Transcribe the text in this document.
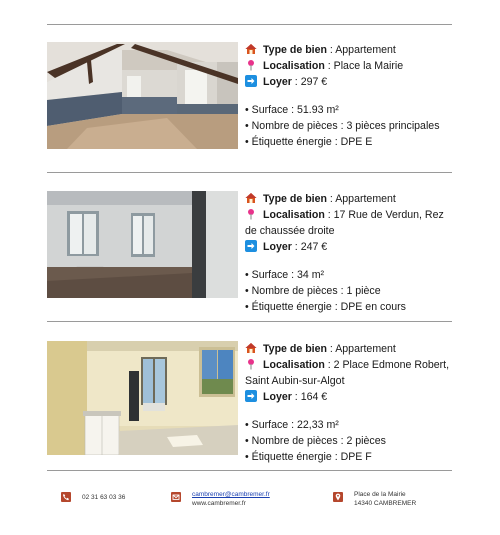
Type de bien : Appartement
Localisation : Place la Mairie
Loyer : 297 €
• Surface : 51.93 m²
• Nombre de pièces : 3 pièces principales
• Étiquette énergie : DPE E
Type de bien : Appartement
Localisation : 17 Rue de Verdun, Rez de chaussée droite
Loyer : 247 €
• Surface : 34 m²
• Nombre de pièces : 1 pièce
• Étiquette énergie : DPE en cours
Type de bien : Appartement
Localisation : 2 Place Edmone Robert, Saint Aubin-sur-Algot
Loyer : 164 €
• Surface : 22,33 m²
• Nombre de pièces : 2 pièces
• Étiquette énergie : DPE F
02 31 63 03 36	cambremer@cambremer.fr
www.cambremer.fr
Place de la Mairie
14340 CAMBREMER
